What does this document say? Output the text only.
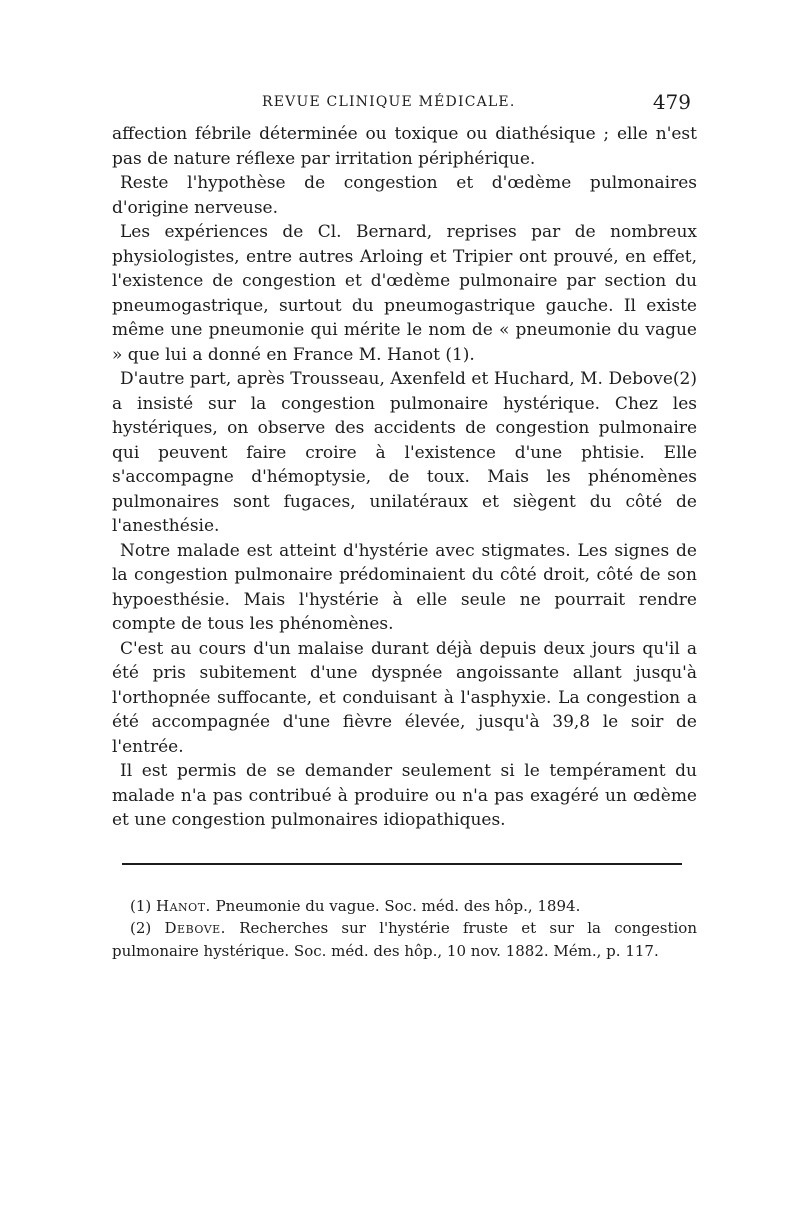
REVUE CLINIQUE MÉDICALE.	479

affection fébrile déterminée ou toxique ou diathésique ; elle n'est pas de nature réflexe par irritation périphérique.

Reste l'hypothèse de congestion et d'œdème pulmonaires d'origine nerveuse.

Les expériences de Cl. Bernard, reprises par de nombreux physiologistes, entre autres Arloing et Tripier ont prouvé, en effet, l'existence de congestion et d'œdème pulmonaire par section du pneumogastrique, surtout du pneumogastrique gauche. Il existe même une pneumonie qui mérite le nom de « pneumonie du vague » que lui a donné en France M. Hanot (1).

D'autre part, après Trousseau, Axenfeld et Huchard, M. Debove(2) a insisté sur la congestion pulmonaire hystérique. Chez les hystériques, on observe des accidents de congestion pulmonaire qui peuvent faire croire à l'existence d'une phtisie. Elle s'accompagne d'hémoptysie, de toux. Mais les phénomènes pulmonaires sont fugaces, unilatéraux et siègent du côté de l'anesthésie.

Notre malade est atteint d'hystérie avec stigmates. Les signes de la congestion pulmonaire prédominaient du côté droit, côté de son hypoesthésie. Mais l'hystérie à elle seule ne pourrait rendre compte de tous les phénomènes.

C'est au cours d'un malaise durant déjà depuis deux jours qu'il a été pris subitement d'une dyspnée angoissante allant jusqu'à l'orthopnée suffocante, et conduisant à l'asphyxie. La congestion a été accompagnée d'une fièvre élevée, jusqu'à 39,8 le soir de l'entrée.

Il est permis de se demander seulement si le tempérament du malade n'a pas contribué à produire ou n'a pas exagéré un œdème et une congestion pulmonaires idiopathiques.

(1) Hanot. Pneumonie du vague. Soc. méd. des hôp., 1894.

(2) Debove. Recherches sur l'hystérie fruste et sur la congestion pulmonaire hystérique. Soc. méd. des hôp., 10 nov. 1882. Mém., p. 117.
